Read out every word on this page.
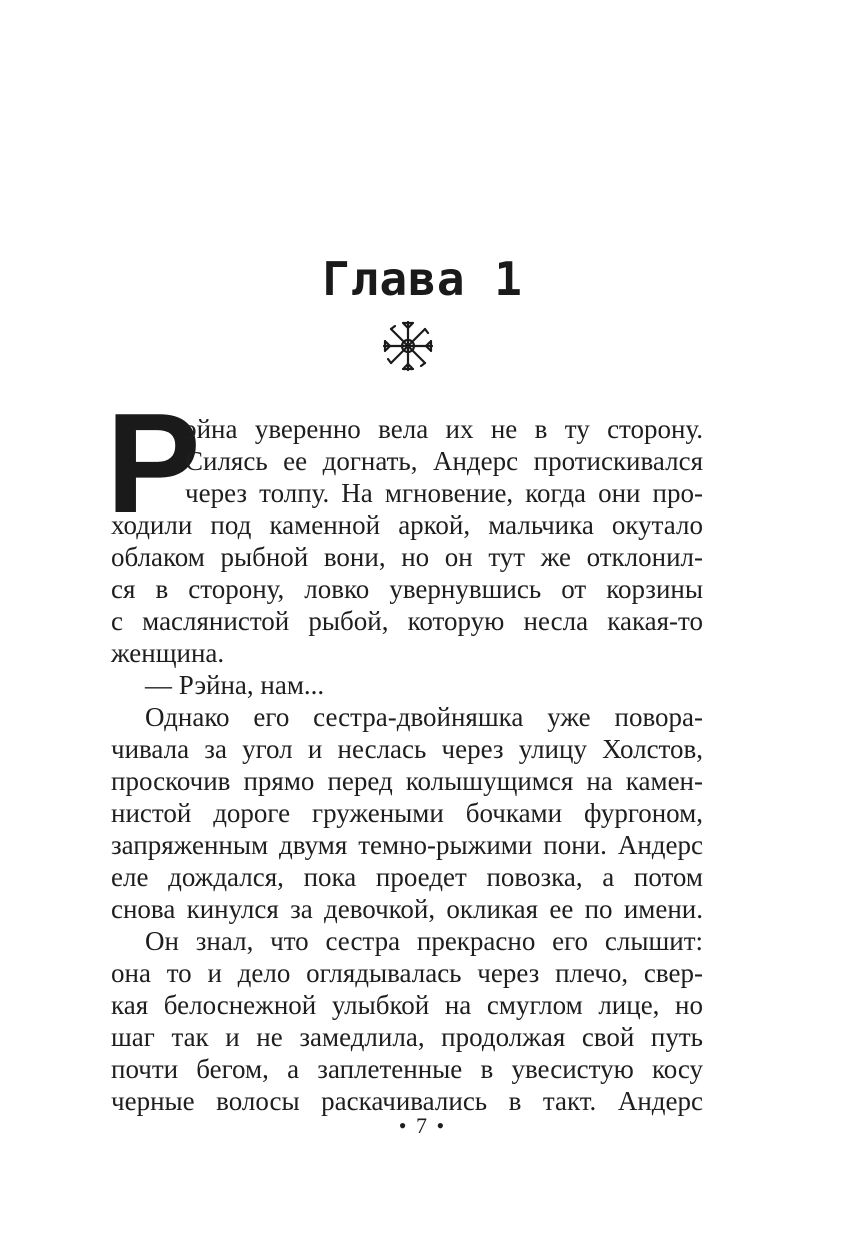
Глава 1
Р

эйна уверенно вела их не в ту сторону.

Силясь ее догнать, Андерс протискивался

через толпу. На мгновение, когда они про-

ходили под каменной аркой, мальчика окутало

облаком рыбной вони, но он тут же отклонил-

ся в сторону, ловко увернувшись от корзины

с маслянистой рыбой, которую несла какая-то

женщина.

— Рэйна, нам...

Однако его сестра-двойняшка уже повора-

чивала за угол и неслась через улицу Холстов,

проскочив прямо перед колышущимся на камен-

нистой дороге гружеными бочками фургоном,

запряженным двумя темно-рыжими пони. Андерс

еле дождался, пока проедет повозка, а потом

снова кинулся за девочкой, окликая ее по имени.

Он знал, что сестра прекрасно его слышит:

она то и дело оглядывалась через плечо, свер-

кая белоснежной улыбкой на смуглом лице, но

шаг так и не замедлила, продолжая свой путь

почти бегом, а заплетенные в увесистую косу

черные волосы раскачивались в такт. Андерс

• 7 •
